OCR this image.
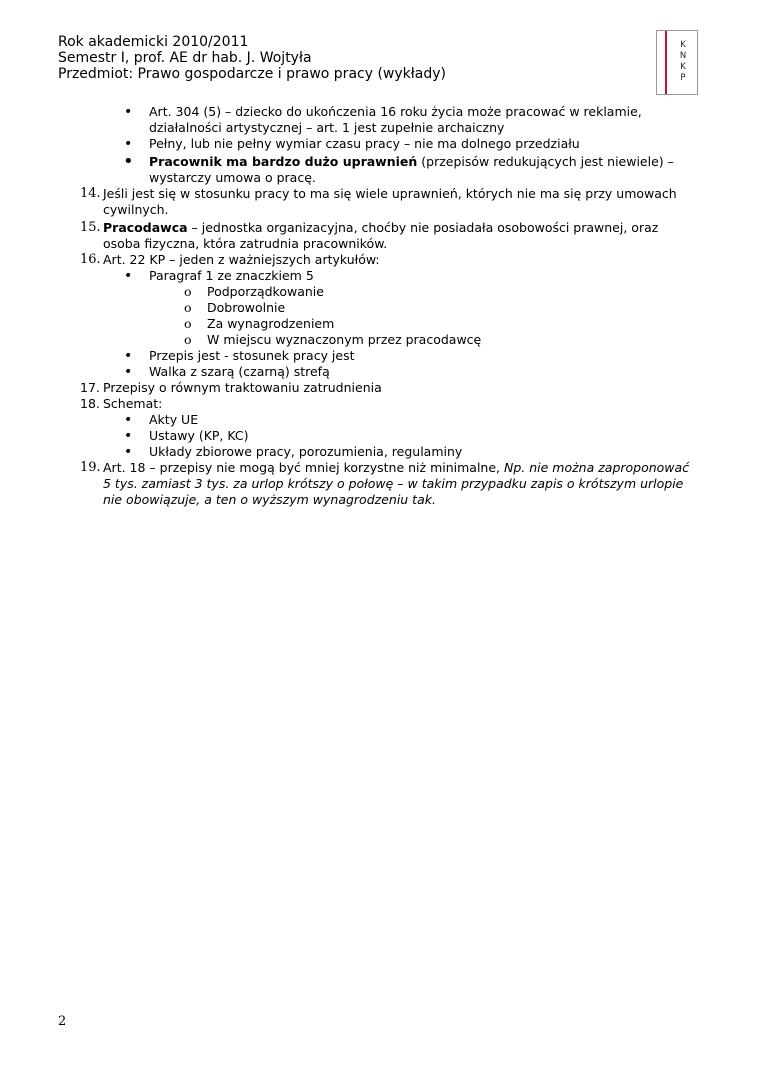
Rok akademicki 2010/2011
Semestr I, prof. AE dr hab. J. Wojtyła
Przedmiot: Prawo gospodarcze i prawo pracy (wykłady)
K
N
K
P
• Art. 304 (5) – dziecko do ukończenia 16 roku życia może pracować w reklamie, działalności artystycznej – art. 1 jest zupełnie archaiczny
• Pełny, lub nie pełny wymiar czasu pracy – nie ma dolnego przedziału
• Pracownik ma bardzo dużo uprawnień (przepisów redukujących jest niewiele) – wystarczy umowa o pracę.
14. Jeśli jest się w stosunku pracy to ma się wiele uprawnień, których nie ma się przy umowach cywilnych.
15. Pracodawca – jednostka organizacyjna, choćby nie posiadała osobowości prawnej, oraz osoba fizyczna, która zatrudnia pracowników.
16. Art. 22 KP – jeden z ważniejszych artykułów:
• Paragraf 1 ze znaczkiem 5
o Podporządkowanie
o Dobrowolnie
o Za wynagrodzeniem
o W miejscu wyznaczonym przez pracodawcę
• Przepis jest - stosunek pracy jest
• Walka z szarą (czarną) strefą
17. Przepisy o równym traktowaniu zatrudnienia
18. Schemat:
• Akty UE
• Ustawy (KP, KC)
• Układy zbiorowe pracy, porozumienia, regulaminy
19. Art. 18 – przepisy nie mogą być mniej korzystne niż minimalne, Np. nie można zaproponować 5 tys. zamiast 3 tys. za urlop krótszy o połowę – w takim przypadku zapis o krótszym urlopie nie obowiązuje, a ten o wyższym wynagrodzeniu tak.
2
